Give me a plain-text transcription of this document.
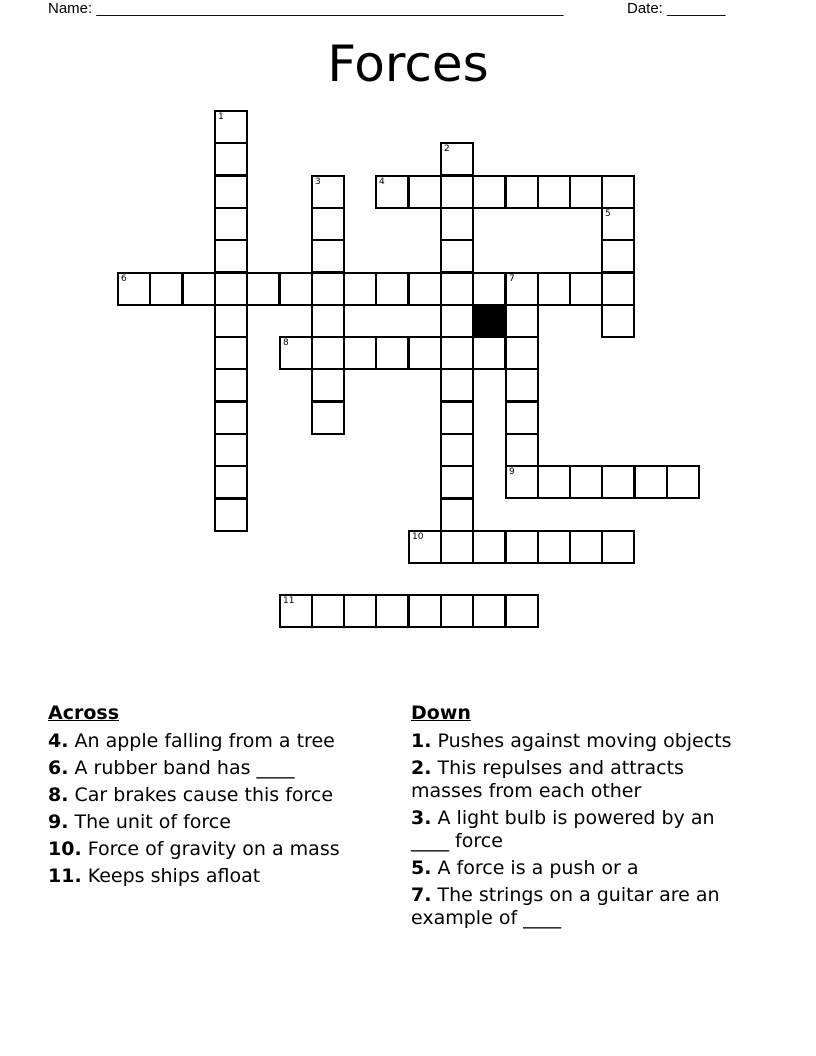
Name: ________________________________________________________	Date: _______
Forces
1
2
3	4
5
6	7
8
9
10
11
Across
4. An apple falling from a tree
6. A rubber band has ____
8. Car brakes cause this force
9. The unit of force
10. Force of gravity on a mass
11. Keeps ships afloat
Down
1. Pushes against moving objects
2. This repulses and attracts masses from each other
3. A light bulb is powered by an ____ force
5. A force is a push or a
7. The strings on a guitar are an example of ____
